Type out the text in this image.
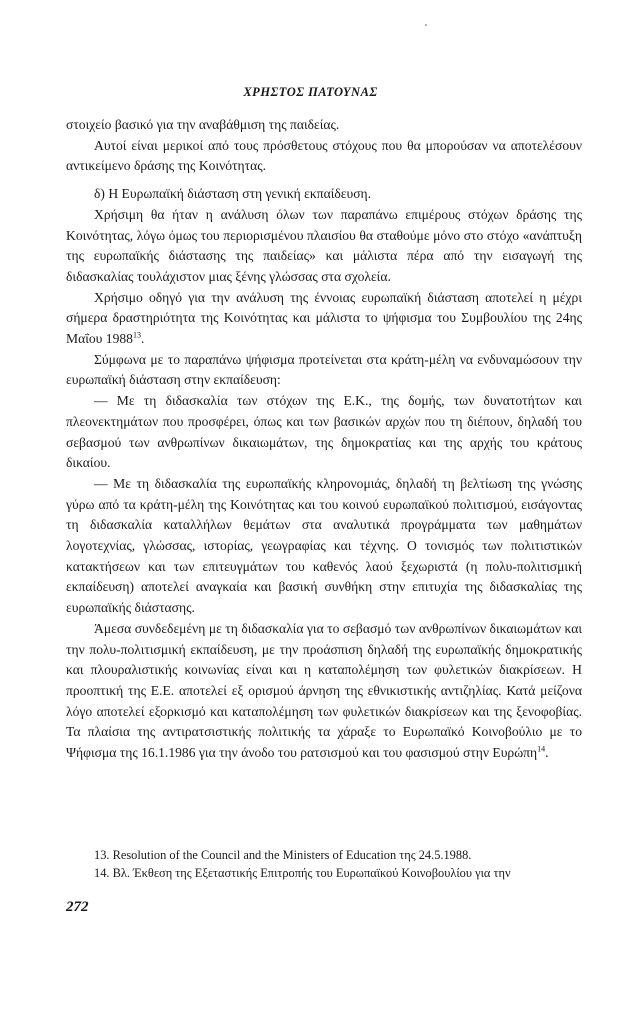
ΧΡΗΣΤΟΣ ΠΑΤΟΥΝΑΣ

στοιχείο βασικό για την αναβάθμιση της παιδείας.

Αυτοί είναι μερικοί από τους πρόσθετους στόχους που θα μπορούσαν να αποτελέσουν αντικείμενο δράσης της Κοινότητας.

δ) Η Ευρωπαϊκή διάσταση στη γενική εκπαίδευση.

Χρήσιμη θα ήταν η ανάλυση όλων των παραπάνω επιμέρους στόχων δράσης της Κοινότητας, λόγω όμως του περιορισμένου πλαισίου θα σταθούμε μόνο στο στόχο «ανάπτυξη της ευρωπαϊκής διάστασης της παιδείας» και μάλιστα πέρα από την εισαγωγή της διδασκαλίας τουλάχιστον μιας ξένης γλώσσας στα σχολεία.

Χρήσιμο οδηγό για την ανάλυση της έννοιας ευρωπαϊκή διάσταση αποτελεί η μέχρι σήμερα δραστηριότητα της Κοινότητας και μάλιστα το ψήφισμα του Συμβουλίου της 24ης Μαΐου 1988$^{13}$.

Σύμφωνα με το παραπάνω ψήφισμα προτείνεται στα κράτη-μέλη να ενδυναμώσουν την ευρωπαϊκή διάσταση στην εκπαίδευση:

— Με τη διδασκαλία των στόχων της Ε.Κ., της δομής, των δυνατοτήτων και πλεονεκτημάτων που προσφέρει, όπως και των βασικών αρχών που τη διέπουν, δηλαδή του σεβασμού των ανθρωπίνων δικαιωμάτων, της δημοκρατίας και της αρχής του κράτους δικαίου.

— Με τη διδασκαλία της ευρωπαϊκής κληρονομιάς, δηλαδή τη βελτίωση της γνώσης γύρω από τα κράτη-μέλη της Κοινότητας και του κοινού ευρωπαϊκού πολιτισμού, εισάγοντας τη διδασκαλία καταλλήλων θεμάτων στα αναλυτικά προγράμματα των μαθημάτων λογοτεχνίας, γλώσσας, ιστορίας, γεωγραφίας και τέχνης. Ο τονισμός των πολιτιστικών κατακτήσεων και των επιτευγμάτων του καθενός λαού ξεχωριστά (η πολυ-πολιτισμική εκπαίδευση) αποτελεί αναγκαία και βασική συνθήκη στην επιτυχία της διδασκαλίας της ευρωπαϊκής διάστασης.

Άμεσα συνδεδεμένη με τη διδασκαλία για το σεβασμό των ανθρωπίνων δικαιωμάτων και την πολυ-πολιτισμική εκπαίδευση, με την προάσπιση δηλαδή της ευρωπαϊκής δημοκρατικής και πλουραλιστικής κοινωνίας είναι και η καταπολέμηση των φυλετικών διακρίσεων. Η προοπτική της Ε.Ε. αποτελεί εξ ορισμού άρνηση της εθνικιστικής αντιζηλίας. Κατά μείζονα λόγο αποτελεί εξορκισμό και καταπολέμηση των φυλετικών διακρίσεων και της ξενοφοβίας. Τα πλαίσια της αντιρατσιστικής πολιτικής τα χάραξε το Ευρωπαϊκό Κοινοβούλιο με το Ψήφισμα της 16.1.1986 για την άνοδο του ρατσισμού και του φασισμού στην Ευρώπη$^{14}$.

13. Resolution of the Council and the Ministers of Education της 24.5.1988.

14. Βλ. Έκθεση της Εξεταστικής Επιτροπής του Ευρωπαϊκού Κοινοβουλίου για την

272
